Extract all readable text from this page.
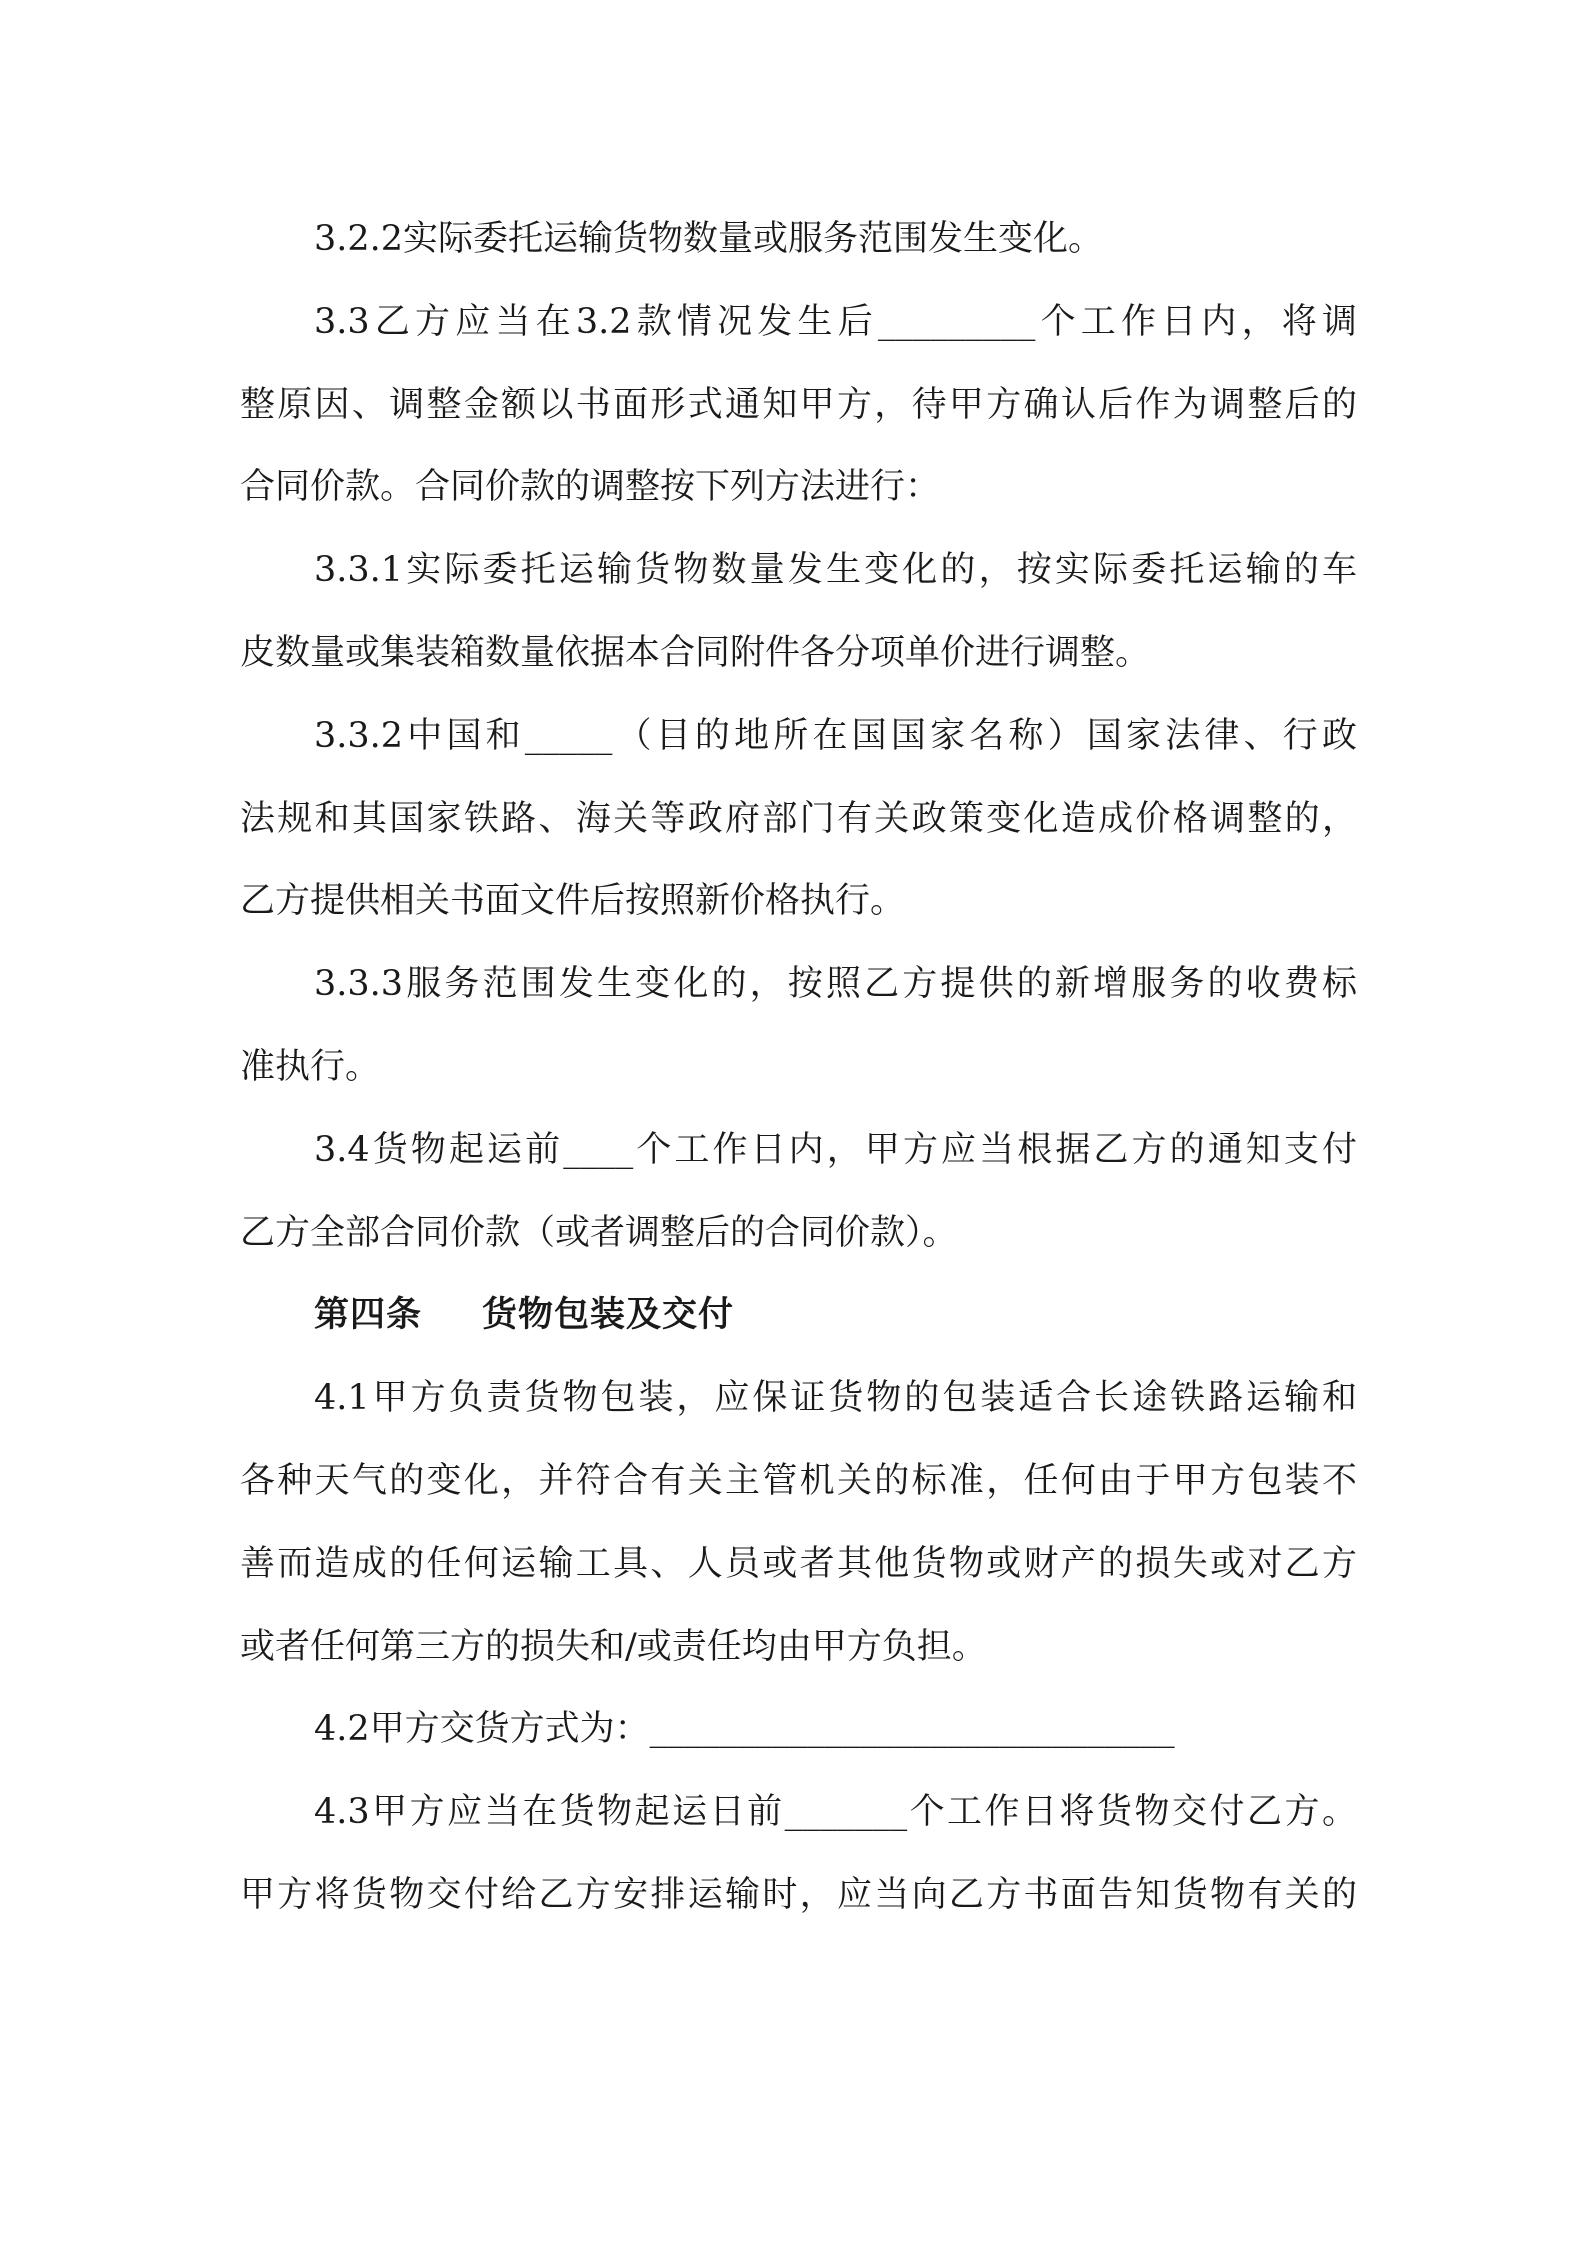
3.2.2实际委托运输货物数量或服务范围发生变化。
3.3乙方应当在3.2款情况发生后_________个工作日内，将调
整原因、调整金额以书面形式通知甲方，待甲方确认后作为调整后的
合同价款。合同价款的调整按下列方法进行：
3.3.1实际委托运输货物数量发生变化的，按实际委托运输的车
皮数量或集装箱数量依据本合同附件各分项单价进行调整。
3.3.2中国和_____（目的地所在国国家名称）国家法律、行政
法规和其国家铁路、海关等政府部门有关政策变化造成价格调整的，
乙方提供相关书面文件后按照新价格执行。
3.3.3服务范围发生变化的，按照乙方提供的新增服务的收费标
准执行。
3.4货物起运前____个工作日内，甲方应当根据乙方的通知支付
乙方全部合同价款（或者调整后的合同价款）。
第四条 货物包装及交付
4.1甲方负责货物包装，应保证货物的包装适合长途铁路运输和
各种天气的变化，并符合有关主管机关的标准，任何由于甲方包装不
善而造成的任何运输工具、人员或者其他货物或财产的损失或对乙方
或者任何第三方的损失和/或责任均由甲方负担。
4.2甲方交货方式为：______________________________
4.3甲方应当在货物起运日前_______个工作日将货物交付乙方。
甲方将货物交付给乙方安排运输时，应当向乙方书面告知货物有关的
